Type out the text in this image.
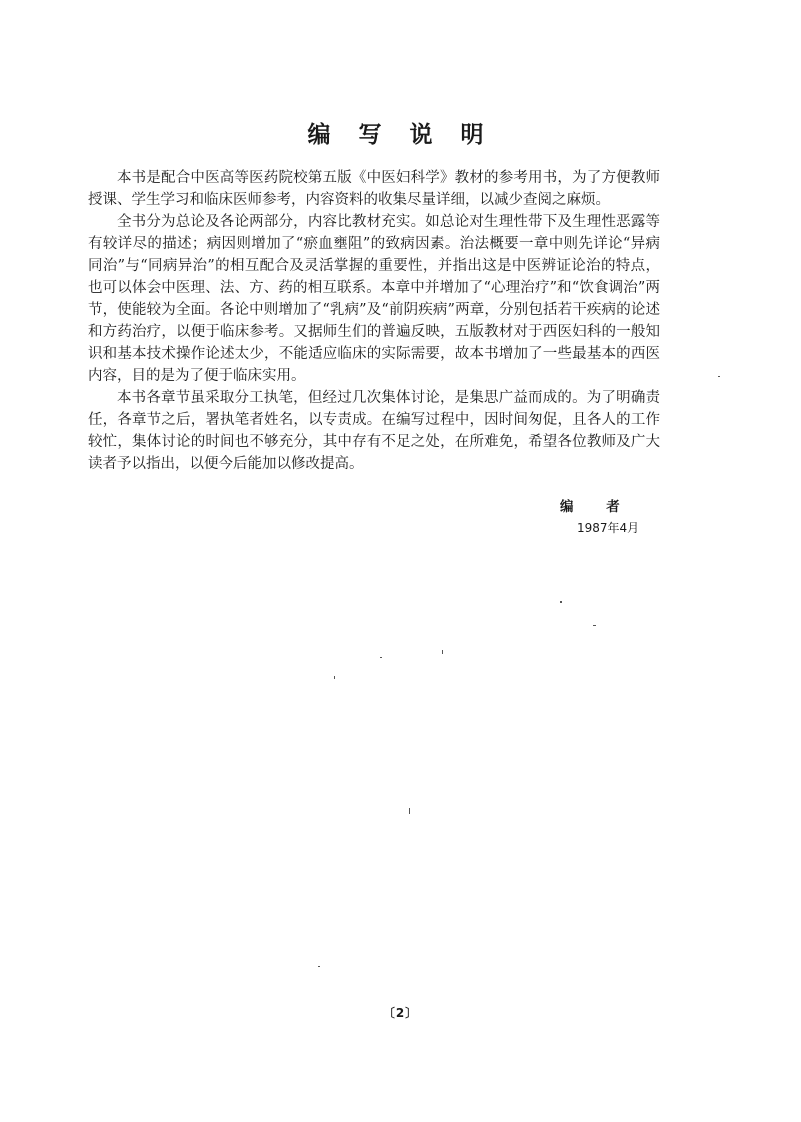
编 写 说 明

本书是配合中医高等医药院校第五版《中医妇科学》教材的参考用书，为了方便教师授课、学生学习和临床医师参考，内容资料的收集尽量详细，以减少查阅之麻烦。

全书分为总论及各论两部分，内容比教材充实。如总论对生理性带下及生理性恶露等有较详尽的描述；病因则增加了“瘀血壅阻”的致病因素。治法概要一章中则先详论“异病同治”与“同病异治”的相互配合及灵活掌握的重要性，并指出这是中医辨证论治的特点，也可以体会中医理、法、方、药的相互联系。本章中并增加了“心理治疗”和“饮食调治”两节，使能较为全面。各论中则增加了“乳病”及“前阴疾病”两章，分别包括若干疾病的论述和方药治疗，以便于临床参考。又据师生们的普遍反映，五版教材对于西医妇科的一般知识和基本技术操作论述太少，不能适应临床的实际需要，故本书增加了一些最基本的西医内容，目的是为了便于临床实用。

本书各章节虽采取分工执笔，但经过几次集体讨论，是集思广益而成的。为了明确责任，各章节之后，署执笔者姓名，以专责成。在编写过程中，因时间匆促，且各人的工作较忙，集体讨论的时间也不够充分，其中存有不足之处，在所难免，希望各位教师及广大读者予以指出，以便今后能加以修改提高。

编 者
1987年4月
〔2〕
